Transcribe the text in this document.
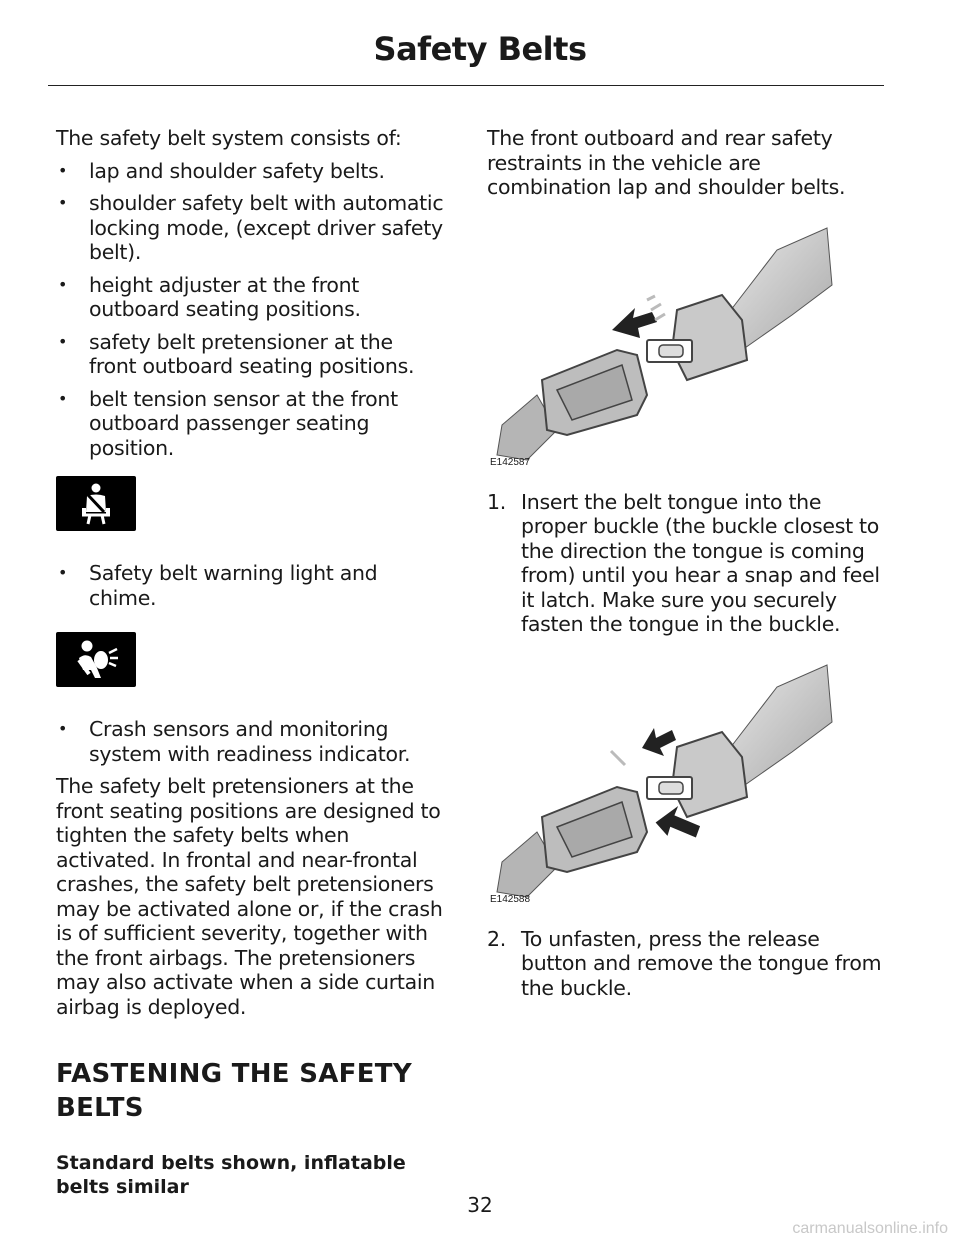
Safety Belts

The safety belt system consists of:

• lap and shoulder safety belts.
• shoulder safety belt with automatic locking mode, (except driver safety belt).
• height adjuster at the front outboard seating positions.
• safety belt pretensioner at the front outboard seating positions.
• belt tension sensor at the front outboard passenger seating position.
• Safety belt warning light and chime.
• Crash sensors and monitoring system with readiness indicator.

The safety belt pretensioners at the front seating positions are designed to tighten the safety belts when activated. In frontal and near-frontal crashes, the safety belt pretensioners may be activated alone or, if the crash is of sufficient severity, together with the front airbags. The pretensioners may also activate when a side curtain airbag is deployed.

FASTENING THE SAFETY
BELTS
Standard belts shown, inflatable belts similar

The front outboard and rear safety restraints in the vehicle are combination lap and shoulder belts.

E142587
1. Insert the belt tongue into the proper buckle (the buckle closest to the direction the tongue is coming from) until you hear a snap and feel it latch. Make sure you securely fasten the tongue in the buckle.
E142588
2. To unfasten, press the release button and remove the tongue from the buckle.
32
carmanualsonline.info
